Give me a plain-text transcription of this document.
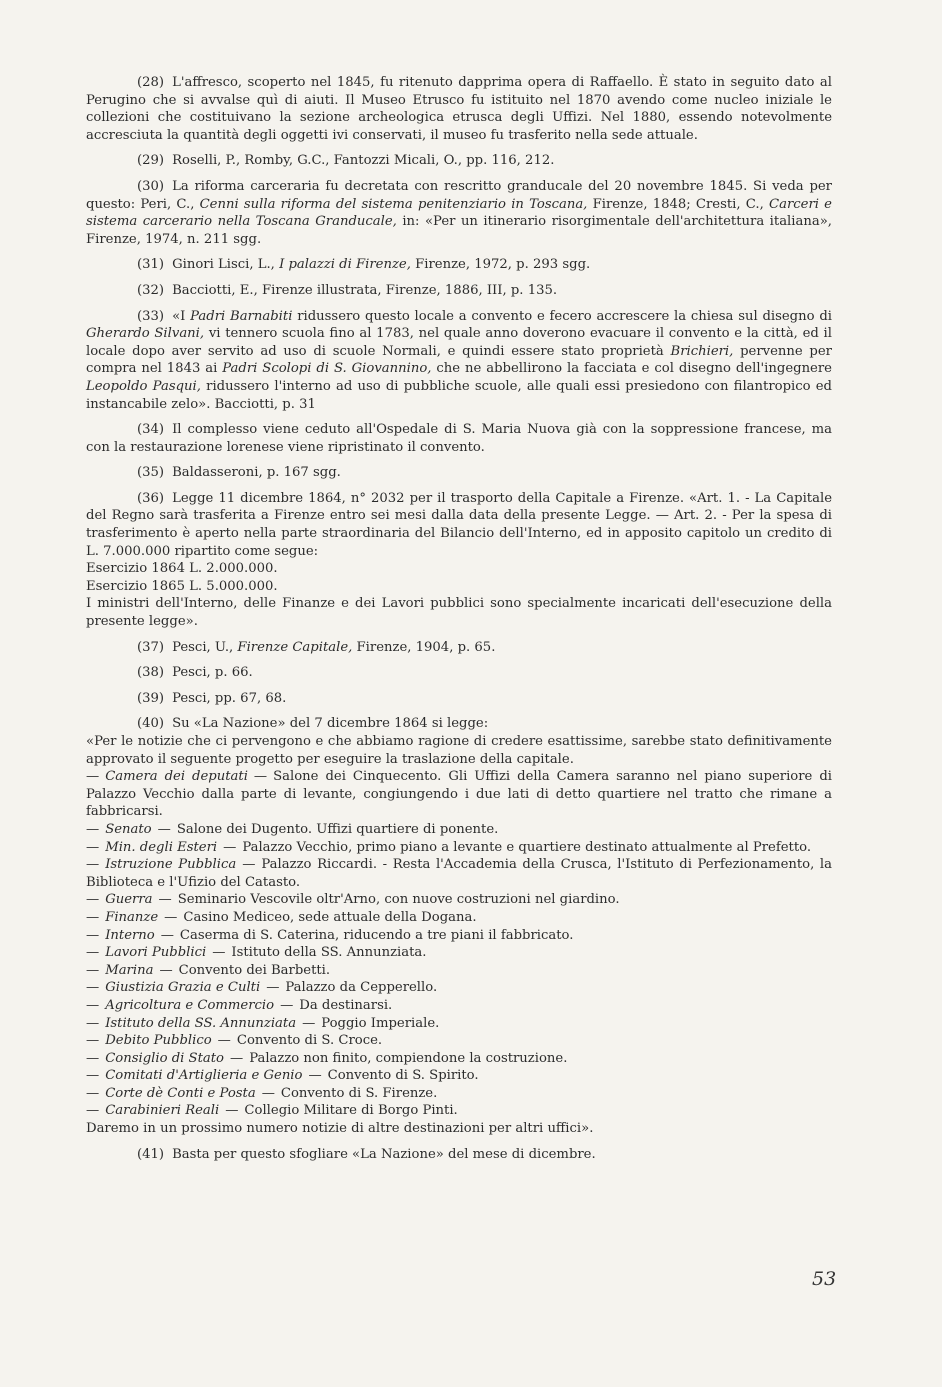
(28) L'affresco, scoperto nel 1845, fu ritenuto dapprima opera di Raffaello. È stato in seguito dato al Perugino che si avvalse quì di aiuti. Il Museo Etrusco fu istituito nel 1870 avendo come nucleo iniziale le collezioni che costituivano la sezione archeologica etrusca degli Uffizi. Nel 1880, essendo notevolmente accresciuta la quantità degli oggetti ivi conservati, il museo fu trasferito nella sede attuale.

(29) Roselli, P., Romby, G.C., Fantozzi Micali, O., pp. 116, 212.

(30) La riforma carceraria fu decretata con rescritto granducale del 20 novembre 1845. Si veda per questo: Peri, C., Cenni sulla riforma del sistema penitenziario in Toscana, Firenze, 1848; Cresti, C., Carceri e sistema carcerario nella Toscana Granducale, in: «Per un itinerario risorgimentale dell'architettura italiana», Firenze, 1974, n. 211 sgg.

(31) Ginori Lisci, L., I palazzi di Firenze, Firenze, 1972, p. 293 sgg.

(32) Bacciotti, E., Firenze illustrata, Firenze, 1886, III, p. 135.

(33) «I Padri Barnabiti ridussero questo locale a convento e fecero accrescere la chiesa sul disegno di Gherardo Silvani, vi tennero scuola fino al 1783, nel quale anno doverono evacuare il convento e la città, ed il locale dopo aver servito ad uso di scuole Normali, e quindi essere stato proprietà Brichieri, pervenne per compra nel 1843 ai Padri Scolopi di S. Giovannino, che ne abbellirono la facciata e col disegno dell'ingegnere Leopoldo Pasqui, ridussero l'interno ad uso di pubbliche scuole, alle quali essi presiedono con filantropico ed instancabile zelo». Bacciotti, p. 31

(34) Il complesso viene ceduto all'Ospedale di S. Maria Nuova già con la soppressione francese, ma con la restaurazione lorenese viene ripristinato il convento.

(35) Baldasseroni, p. 167 sgg.

(36) Legge 11 dicembre 1864, n° 2032 per il trasporto della Capitale a Firenze. «Art. 1. - La Capitale del Regno sarà trasferita a Firenze entro sei mesi dalla data della presente Legge. — Art. 2. - Per la spesa di trasferimento è aperto nella parte straordinaria del Bilancio dell'Interno, ed in apposito capitolo un credito di L. 7.000.000 ripartito come segue:
Esercizio 1864 L. 2.000.000.
Esercizio 1865 L. 5.000.000.
I ministri dell'Interno, delle Finanze e dei Lavori pubblici sono specialmente incaricati dell'esecuzione della presente legge».

(37) Pesci, U., Firenze Capitale, Firenze, 1904, p. 65.

(38) Pesci, p. 66.

(39) Pesci, pp. 67, 68.

(40) Su «La Nazione» del 7 dicembre 1864 si legge:
«Per le notizie che ci pervengono e che abbiamo ragione di credere esattissime, sarebbe stato definitivamente approvato il seguente progetto per eseguire la traslazione della capitale.
— Camera dei deputati — Salone dei Cinquecento. Gli Uffizi della Camera saranno nel piano superiore di Palazzo Vecchio dalla parte di levante, congiungendo i due lati di detto quartiere nel tratto che rimane a fabbricarsi.
— Senato — Salone dei Dugento. Uffizi quartiere di ponente.
— Min. degli Esteri — Palazzo Vecchio, primo piano a levante e quartiere destinato attualmente al Prefetto.
— Istruzione Pubblica — Palazzo Riccardi. - Resta l'Accademia della Crusca, l'Istituto di Perfezionamento, la Biblioteca e l'Ufizio del Catasto.
— Guerra — Seminario Vescovile oltr'Arno, con nuove costruzioni nel giardino.
— Finanze — Casino Mediceo, sede attuale della Dogana.
— Interno — Caserma di S. Caterina, riducendo a tre piani il fabbricato.
— Lavori Pubblici — Istituto della SS. Annunziata.
— Marina — Convento dei Barbetti.
— Giustizia Grazia e Culti — Palazzo da Cepperello.
— Agricoltura e Commercio — Da destinarsi.
— Istituto della SS. Annunziata — Poggio Imperiale.
— Debito Pubblico — Convento di S. Croce.
— Consiglio di Stato — Palazzo non finito, compiendone la costruzione.
— Comitati d'Artiglieria e Genio — Convento di S. Spirito.
— Corte dè Conti e Posta — Convento di S. Firenze.
— Carabinieri Reali — Collegio Militare di Borgo Pinti.
Daremo in un prossimo numero notizie di altre destinazioni per altri uffici».

(41) Basta per questo sfogliare «La Nazione» del mese di dicembre.

53
